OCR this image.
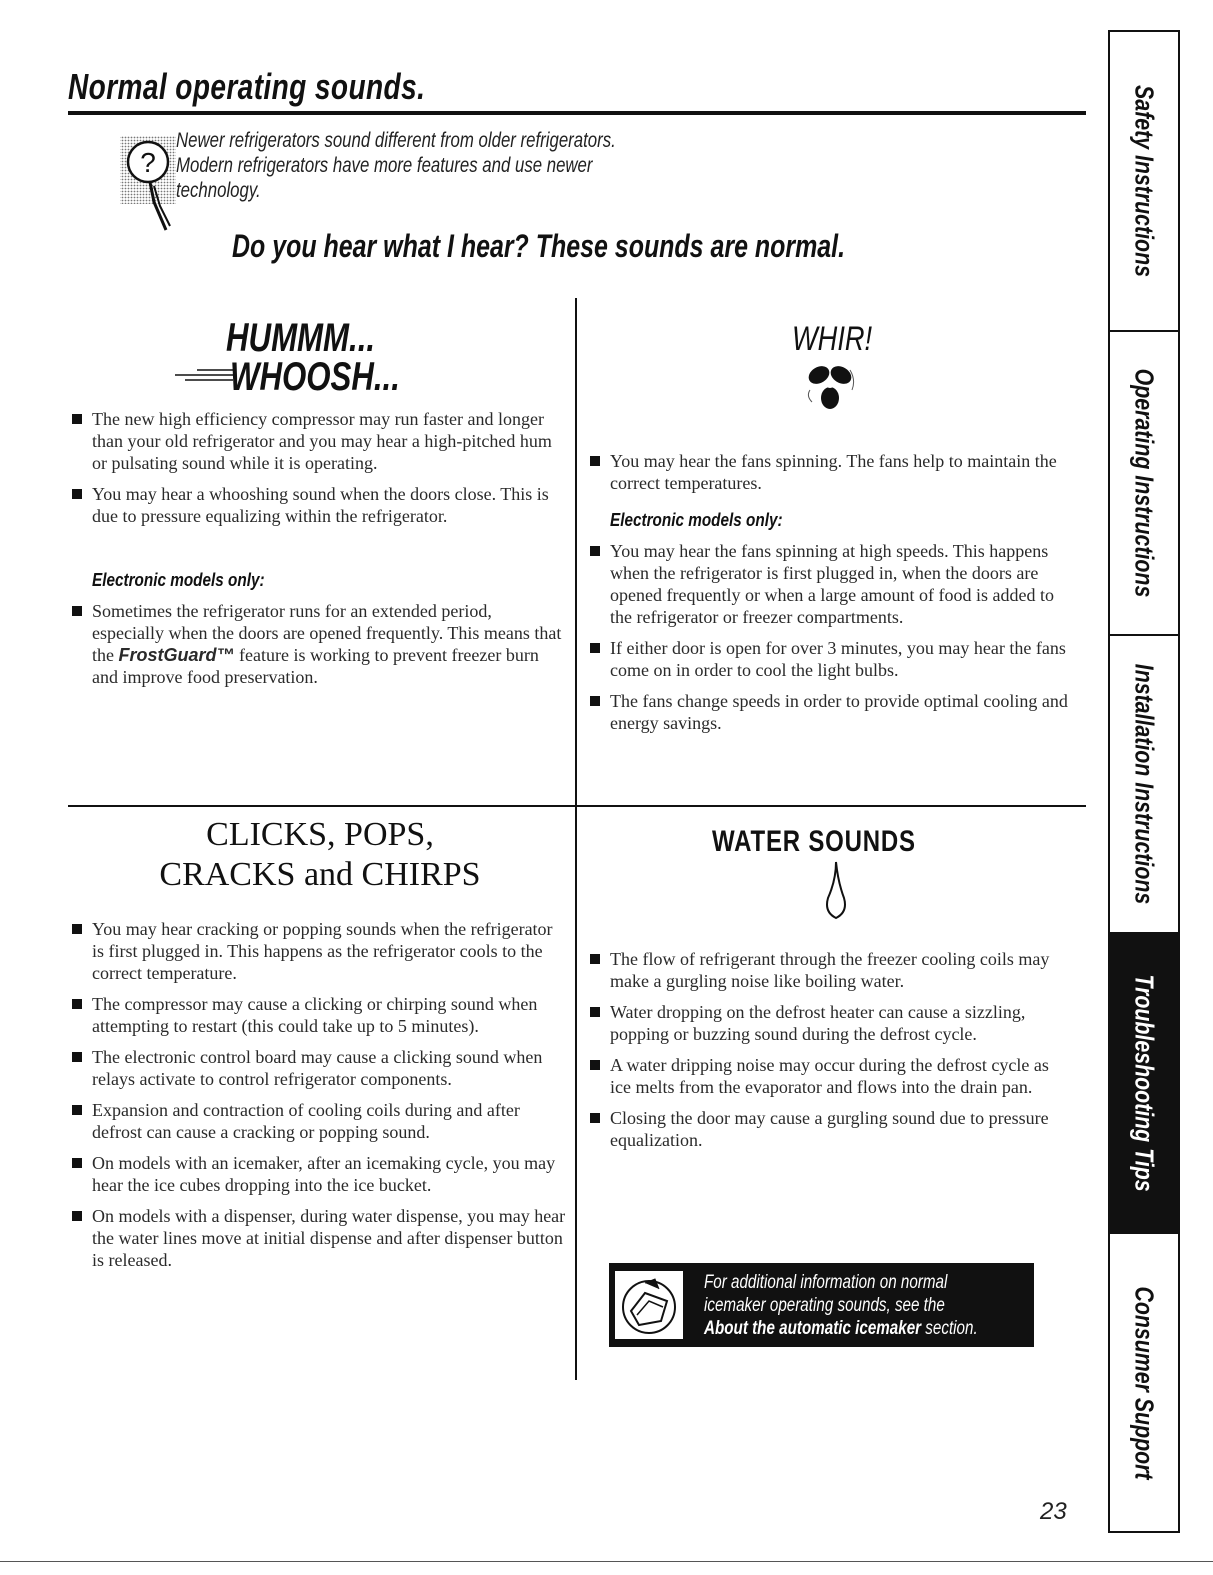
Normal operating sounds.
?
Newer refrigerators sound different from older refrigerators.
Modern refrigerators have more features and use newer
technology.
Do you hear what I hear? These sounds are normal.
HUMMM...
WHOOSH...
The new high efficiency compressor may run faster and longer than your old refrigerator and you may hear a high-pitched hum or pulsating sound while it is operating.
You may hear a whooshing sound when the doors close. This is due to pressure equalizing within the refrigerator.
Electronic models only:
Sometimes the refrigerator runs for an extended period, especially when the doors are opened frequently. This means that the FrostGuard™ feature is working to prevent freezer burn and improve food preservation.
WHIR!
You may hear the fans spinning. The fans help to maintain the correct temperatures.
Electronic models only:
You may hear the fans spinning at high speeds. This happens when the refrigerator is first plugged in, when the doors are opened frequently or when a large amount of food is added to the refrigerator or freezer compartments.
If either door is open for over 3 minutes, you may hear the fans come on in order to cool the light bulbs.
The fans change speeds in order to provide optimal cooling and energy savings.
CLICKS, POPS,
CRACKS and CHIRPS
You may hear cracking or popping sounds when the refrigerator is first plugged in. This happens as the refrigerator cools to the correct temperature.
The compressor may cause a clicking or chirping sound when attempting to restart (this could take up to 5 minutes).
The electronic control board may cause a clicking sound when relays activate to control refrigerator components.
Expansion and contraction of cooling coils during and after defrost can cause a cracking or popping sound.
On models with an icemaker, after an icemaking cycle, you may hear the ice cubes dropping into the ice bucket.
On models with a dispenser, during water dispense, you may hear the water lines move at initial dispense and after dispenser button is released.
WATER SOUNDS
The flow of refrigerant through the freezer cooling coils may make a gurgling noise like boiling water.
Water dropping on the defrost heater can cause a sizzling, popping or buzzing sound during the defrost cycle.
A water dripping noise may occur during the defrost cycle as ice melts from the evaporator and flows into the drain pan.
Closing the door may cause a gurgling sound due to pressure equalization.
For additional information on normal
icemaker operating sounds, see the
About the automatic icemaker section.
Safety Instructions
Operating Instructions
Installation Instructions
Troubleshooting Tips
Consumer Support
23
